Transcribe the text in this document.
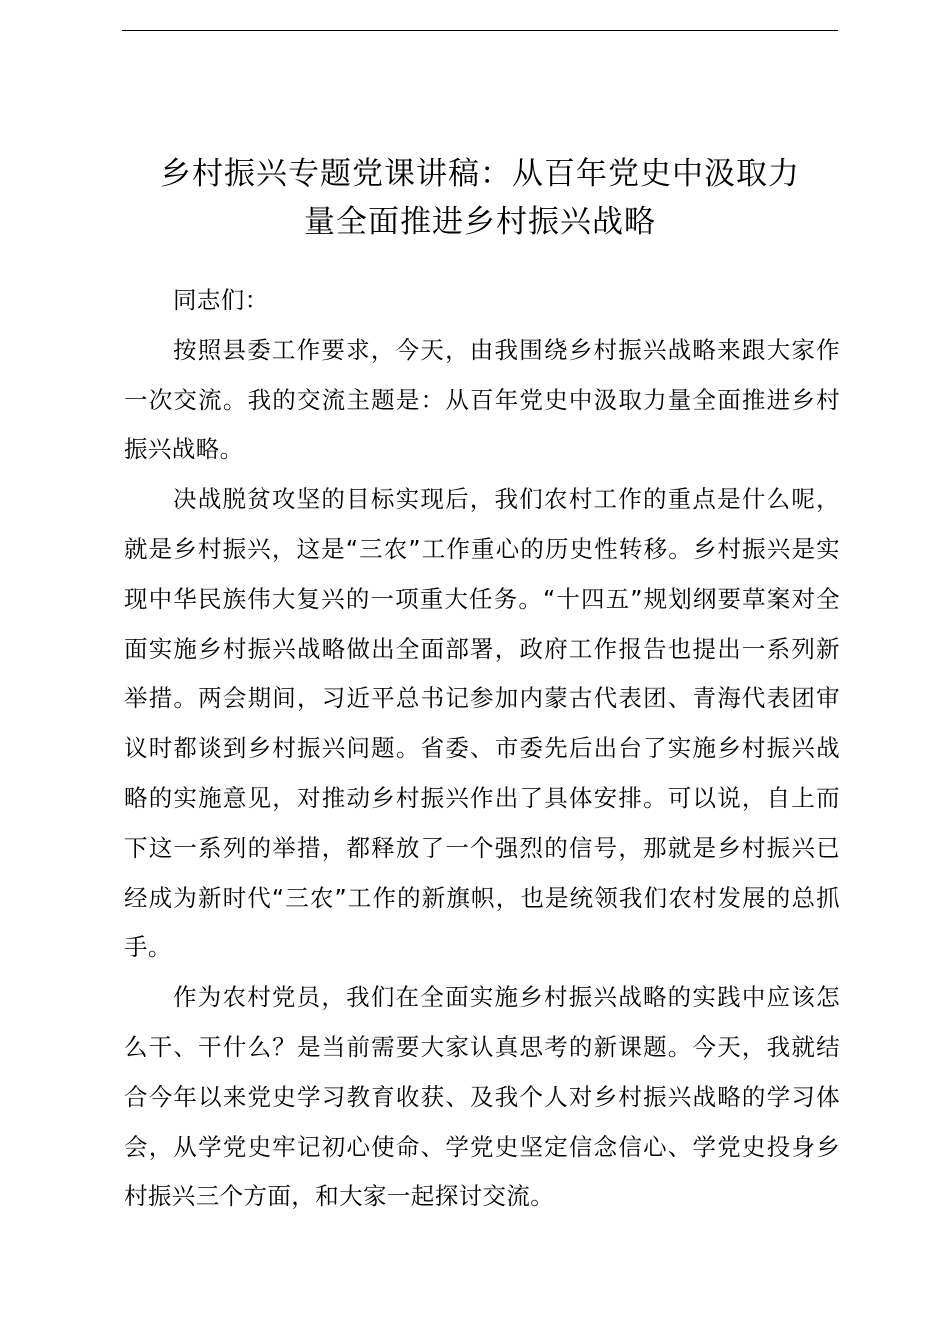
乡村振兴专题党课讲稿：从百年党史中汲取力
量全面推进乡村振兴战略

同志们：

按照县委工作要求，今天，由我围绕乡村振兴战略来跟大家作一次交流。我的交流主题是：从百年党史中汲取力量全面推进乡村振兴战略。

决战脱贫攻坚的目标实现后，我们农村工作的重点是什么呢，就是乡村振兴，这是“三农”工作重心的历史性转移。乡村振兴是实现中华民族伟大复兴的一项重大任务。“十四五”规划纲要草案对全面实施乡村振兴战略做出全面部署，政府工作报告也提出一系列新举措。两会期间，习近平总书记参加内蒙古代表团、青海代表团审议时都谈到乡村振兴问题。省委、市委先后出台了实施乡村振兴战略的实施意见，对推动乡村振兴作出了具体安排。可以说，自上而下这一系列的举措，都释放了一个强烈的信号，那就是乡村振兴已经成为新时代“三农”工作的新旗帜，也是统领我们农村发展的总抓手。

作为农村党员，我们在全面实施乡村振兴战略的实践中应该怎么干、干什么？是当前需要大家认真思考的新课题。今天，我就结合今年以来党史学习教育收获、及我个人对乡村振兴战略的学习体会，从学党史牢记初心使命、学党史坚定信念信心、学党史投身乡村振兴三个方面，和大家一起探讨交流。
